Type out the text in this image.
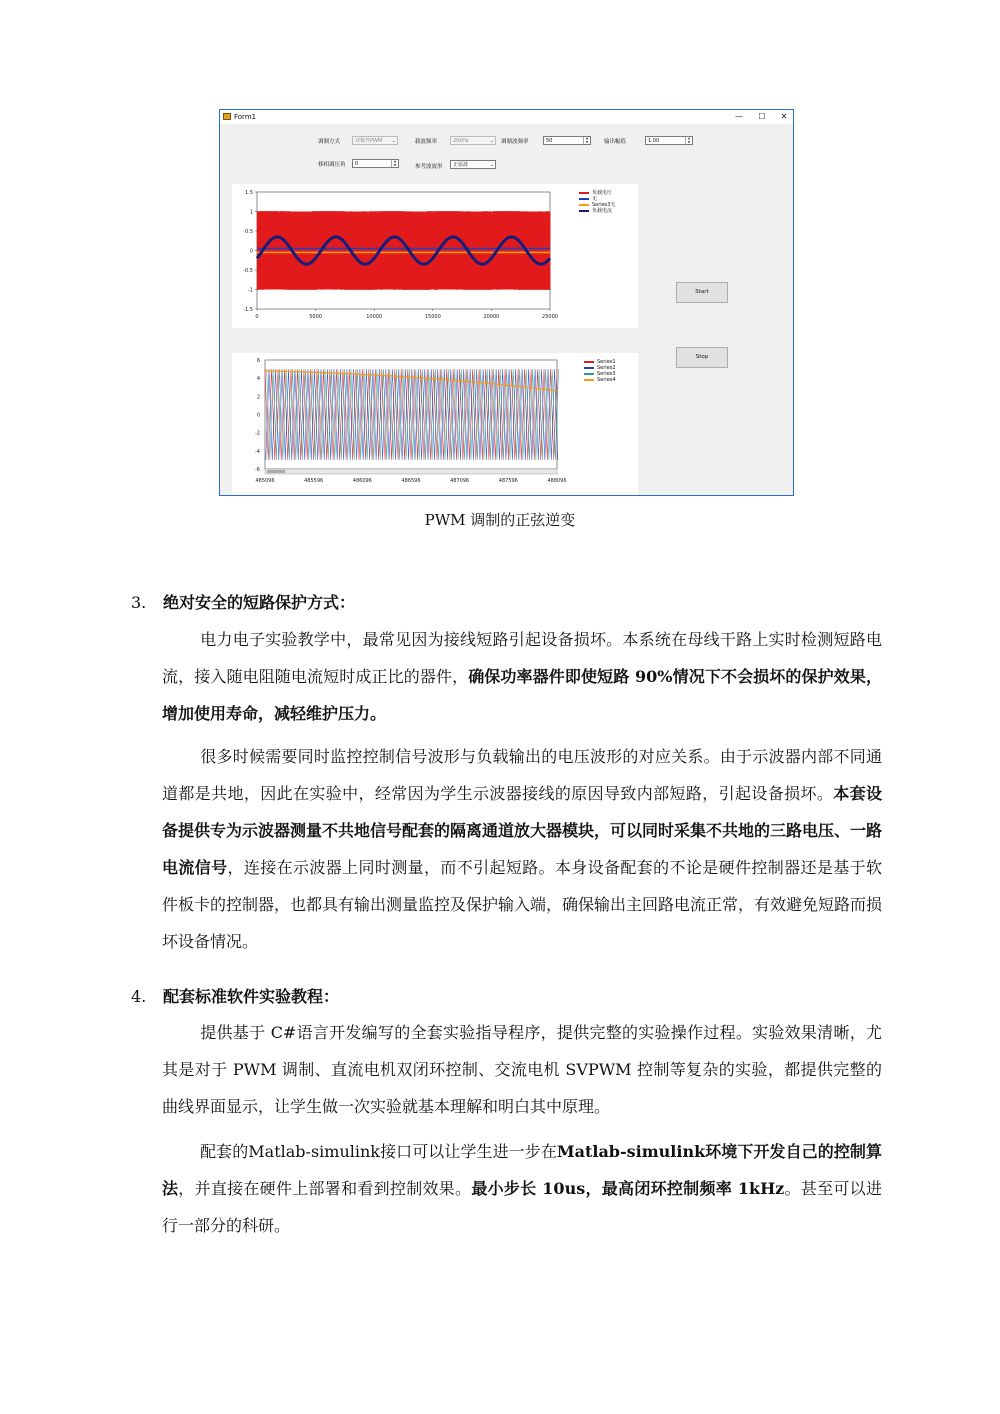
Form1	—	☐	✕
调制方式	双极性PWM ⌄	载波频率	20kHz	⌄ 调制波频率	50	▲
▼	输出幅值	1.00	▲
▼
移相调压角	0	▲
▼	参考波波形	正弦波	⌄
1.5
1
0.5
0
-0.5
-1
-1.5
0	5000	10000	15000	20000	25000
负载电压
无
Series3无
负载电流
Start
Stop
6
4
2
0
-2
-4
-6
485096	485596	486096	486596	487096	487596	488096
Series1
Series2
Series3
Series4
PWM 调制的正弦逆变
3. 绝对安全的短路保护方式：
电力电子实验教学中，最常见因为接线短路引起设备损坏。本系统在母线干路上实时检测短路电流，接入随电阻随电流短时成正比的器件，确保功率器件即使短路 90%情况下不会损坏的保护效果，增加使用寿命，减轻维护压力。
很多时候需要同时监控控制信号波形与负载输出的电压波形的对应关系。由于示波器内部不同通道都是共地，因此在实验中，经常因为学生示波器接线的原因导致内部短路，引起设备损坏。本套设备提供专为示波器测量不共地信号配套的隔离通道放大器模块，可以同时采集不共地的三路电压、一路电流信号，连接在示波器上同时测量，而不引起短路。本身设备配套的不论是硬件控制器还是基于软件板卡的控制器，也都具有输出测量监控及保护输入端，确保输出主回路电流正常，有效避免短路而损坏设备情况。
4. 配套标准软件实验教程：
提供基于 C#语言开发编写的全套实验指导程序，提供完整的实验操作过程。实验效果清晰，尤其是对于 PWM 调制、直流电机双闭环控制、交流电机 SVPWM 控制等复杂的实验，都提供完整的曲线界面显示，让学生做一次实验就基本理解和明白其中原理。
配套的Matlab-simulink接口可以让学生进一步在Matlab-simulink环境下开发自己的控制算法，并直接在硬件上部署和看到控制效果。最小步长 10us，最高闭环控制频率 1kHz。甚至可以进行一部分的科研。
